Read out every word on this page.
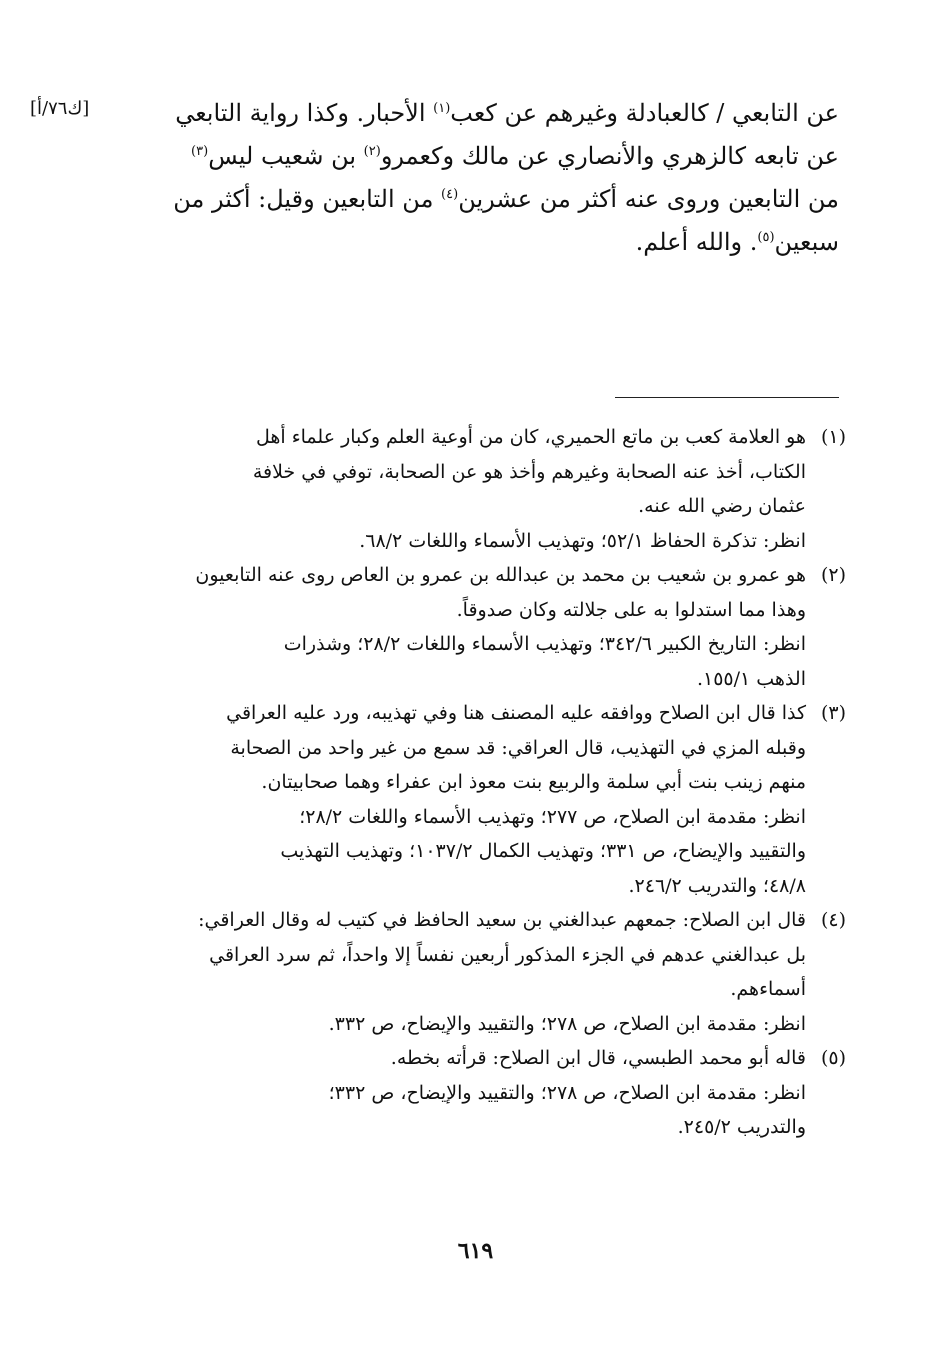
[ك٧٦/أ]	عن التابعي / كالعبادلة وغيرهم عن كعب$^{(١)}$ الأحبار. وكذا رواية التابعي
عن تابعه كالزهري والأنصاري عن مالك وكعمرو$^{(٢)}$ بن شعيب ليس$^{(٣)}$
من التابعين وروى عنه أكثر من عشرين$^{(٤)}$ من التابعين وقيل: أكثر من
سبعين$^{(٥)}$. والله أعلم.
(١)
هو العلامة كعب بن ماتع الحميري، كان من أوعية العلم وكبار علماء أهل
الكتاب، أخذ عنه الصحابة وغيرهم وأخذ هو عن الصحابة، توفي في خلافة
عثمان رضي الله عنه.
انظر: تذكرة الحفاظ ٥٢/١؛ وتهذيب الأسماء واللغات ٦٨/٢.
(٢)
هو عمرو بن شعيب بن محمد بن عبدالله بن عمرو بن العاص روى عنه التابعيون
وهذا مما استدلوا به على جلالته وكان صدوقاً.
انظر: التاريخ الكبير ٣٤٢/٦؛ وتهذيب الأسماء واللغات ٢٨/٢؛ وشذرات
الذهب ١٥٥/١.
(٣)
كذا قال ابن الصلاح ووافقه عليه المصنف هنا وفي تهذيبه، ورد عليه العراقي
وقبله المزي في التهذيب، قال العراقي: قد سمع من غير واحد من الصحابة
منهم زينب بنت أبي سلمة والربيع بنت معوذ ابن عفراء وهما صحابيتان.
انظر: مقدمة ابن الصلاح، ص ٢٧٧؛ وتهذيب الأسماء واللغات ٢٨/٢؛
والتقييد والإيضاح، ص ٣٣١؛ وتهذيب الكمال ١٠٣٧/٢؛ وتهذيب التهذيب
٤٨/٨؛ والتدريب ٢٤٦/٢.
(٤)
قال ابن الصلاح: جمعهم عبدالغني بن سعيد الحافظ في كتيب له وقال العراقي:
بل عبدالغني عدهم في الجزء المذكور أربعين نفساً إلا واحداً، ثم سرد العراقي
أسماءهم.
انظر: مقدمة ابن الصلاح، ص ٢٧٨؛ والتقييد والإيضاح، ص ٣٣٢.
(٥)
قاله أبو محمد الطبسي، قال ابن الصلاح: قرأته بخطه.
انظر: مقدمة ابن الصلاح، ص ٢٧٨؛ والتقييد والإيضاح، ص ٣٣٢؛
والتدريب ٢٤٥/٢.
٦١٩
